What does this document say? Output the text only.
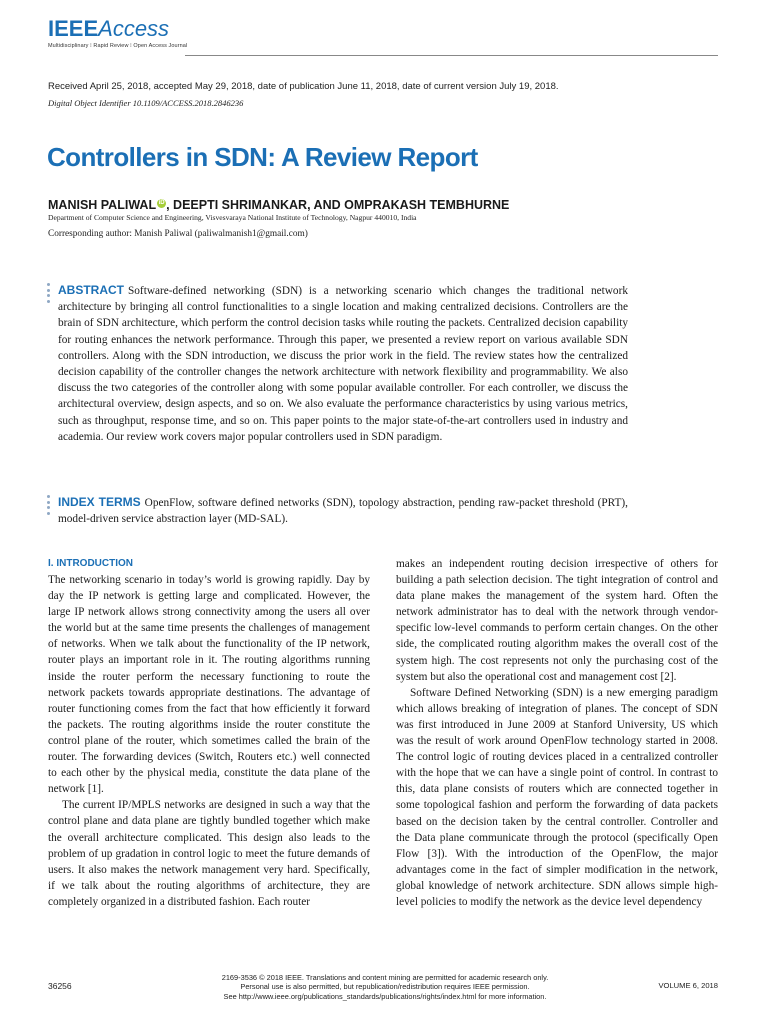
IEEEAccess
Multidisciplinary ⁞ Rapid Review ⁞ Open Access Journal
Received April 25, 2018, accepted May 29, 2018, date of publication June 11, 2018, date of current version July 19, 2018.
Digital Object Identifier 10.1109/ACCESS.2018.2846236
Controllers in SDN: A Review Report
MANISH PALIWAL iD , DEEPTI SHRIMANKAR, AND OMPRAKASH TEMBHURNE
Department of Computer Science and Engineering, Visvesvaraya National Institute of Technology, Nagpur 440010, India
Corresponding author: Manish Paliwal (paliwalmanish1@gmail.com)
ABSTRACT Software-defined networking (SDN) is a networking scenario which changes the traditional network architecture by bringing all control functionalities to a single location and making centralized decisions. Controllers are the brain of SDN architecture, which perform the control decision tasks while routing the packets. Centralized decision capability for routing enhances the network performance. Through this paper, we presented a review report on various available SDN controllers. Along with the SDN introduction, we discuss the prior work in the field. The review states how the centralized decision capability of the controller changes the network architecture with network flexibility and programmability. We also discuss the two categories of the controller along with some popular available controller. For each controller, we discuss the architectural overview, design aspects, and so on. We also evaluate the performance characteristics by using various metrics, such as throughput, response time, and so on. This paper points to the major state-of-the-art controllers used in industry and academia. Our review work covers major popular controllers used in SDN paradigm.
INDEX TERMS OpenFlow, software defined networks (SDN), topology abstraction, pending raw-packet threshold (PRT), model-driven service abstraction layer (MD-SAL).
I. INTRODUCTION

The networking scenario in today’s world is growing rapidly. Day by day the IP network is getting large and complicated. However, the large IP network allows strong connectivity among the users all over the world but at the same time presents the challenges of management of networks. When we talk about the functionality of the IP network, router plays an important role in it. The routing algorithms running inside the router perform the necessary functioning to route the network packets towards appropriate destinations. The advantage of router functioning comes from the fact that how efficiently it forward the packets. The routing algorithms inside the router constitute the control plane of the router, which sometimes called the brain of the router. The forwarding devices (Switch, Routers etc.) well connected to each other by the physical media, constitute the data plane of the network [1].

The current IP/MPLS networks are designed in such a way that the control plane and data plane are tightly bundled together which make the overall architecture complicated. This design also leads to the problem of up gradation in control logic to meet the future demands of users. It also makes the network management very hard. Specifically, if we talk about the routing algorithms of architecture, they are completely organized in a distributed fashion. Each router

makes an independent routing decision irrespective of others for building a path selection decision. The tight integration of control and data plane makes the management of the system hard. Often the network administrator has to deal with the network through vendor-specific low-level commands to perform certain changes. On the other side, the complicated routing algorithm makes the overall cost of the system high. The cost represents not only the purchasing cost of the system but also the operational cost and management cost [2].

Software Defined Networking (SDN) is a new emerging paradigm which allows breaking of integration of planes. The concept of SDN was first introduced in June 2009 at Stanford University, US which was the result of work around OpenFlow technology started in 2008. The control logic of routing devices placed in a centralized controller with the hope that we can have a single point of control. In contrast to this, data plane consists of routers which are connected together in some topological fashion and perform the forwarding of data packets based on the decision taken by the central controller. Controller and the Data plane communicate through the protocol (specifically Open Flow [3]). With the introduction of the OpenFlow, the major advantages come in the fact of simpler modification in the network, global knowledge of network architecture. SDN allows simple high-level policies to modify the network as the device level dependency

36256
2169-3536 © 2018 IEEE. Translations and content mining are permitted for academic research only.
Personal use is also permitted, but republication/redistribution requires IEEE permission.
See http://www.ieee.org/publications_standards/publications/rights/index.html for more information.
VOLUME 6, 2018
